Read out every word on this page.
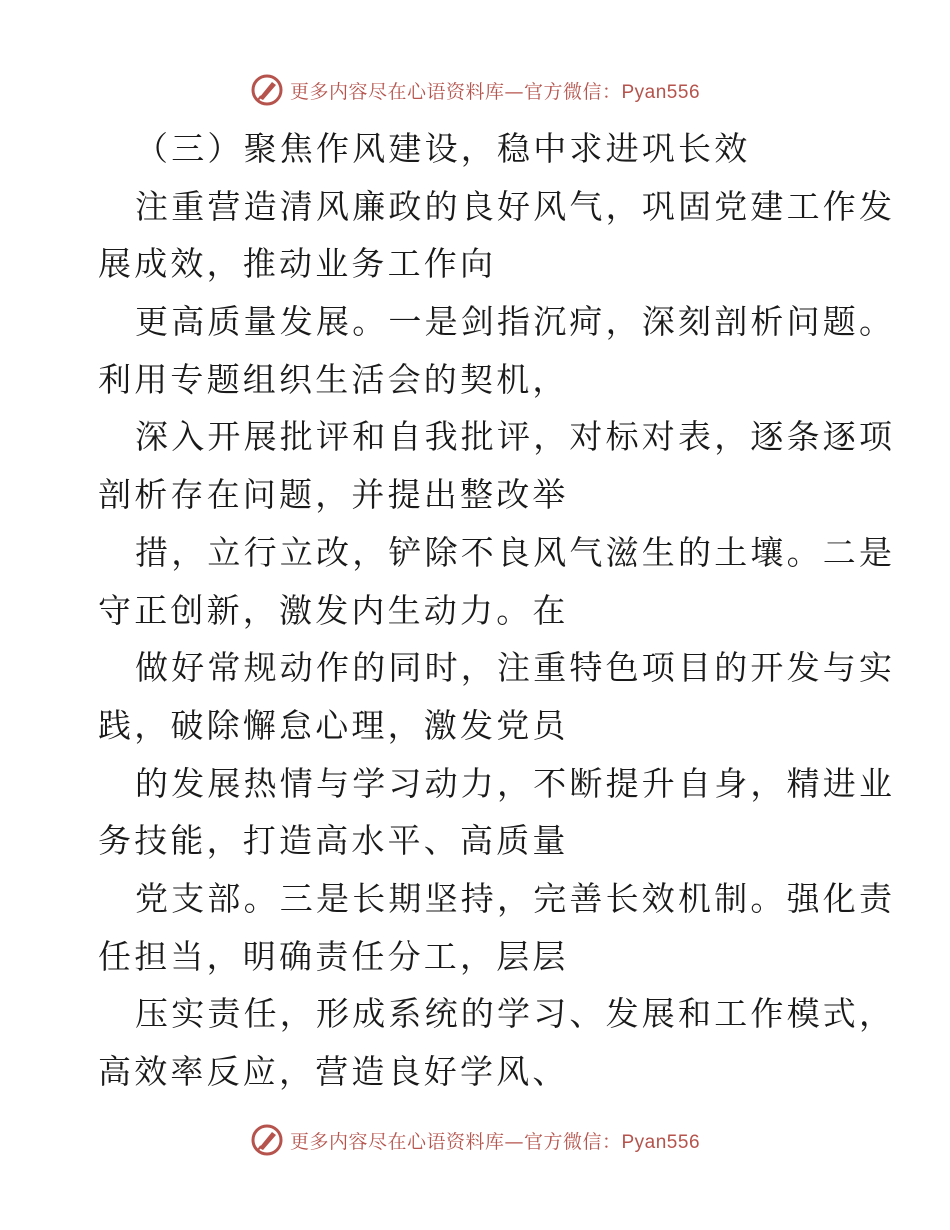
更多内容尽在心语资料库—官方微信：Pyan556
（三）聚焦作风建设，稳中求进巩长效
注重营造清风廉政的良好风气，巩固党建工作发
展成效，推动业务工作向
更高质量发展。一是剑指沉疴，深刻剖析问题。
利用专题组织生活会的契机，
深入开展批评和自我批评，对标对表，逐条逐项
剖析存在问题，并提出整改举
措，立行立改，铲除不良风气滋生的土壤。二是
守正创新，激发内生动力。在
做好常规动作的同时，注重特色项目的开发与实
践，破除懈怠心理，激发党员
的发展热情与学习动力，不断提升自身，精进业
务技能，打造高水平、高质量
党支部。三是长期坚持，完善长效机制。强化责
任担当，明确责任分工，层层
压实责任，形成系统的学习、发展和工作模式，
高效率反应，营造良好学风、
更多内容尽在心语资料库—官方微信：Pyan556
